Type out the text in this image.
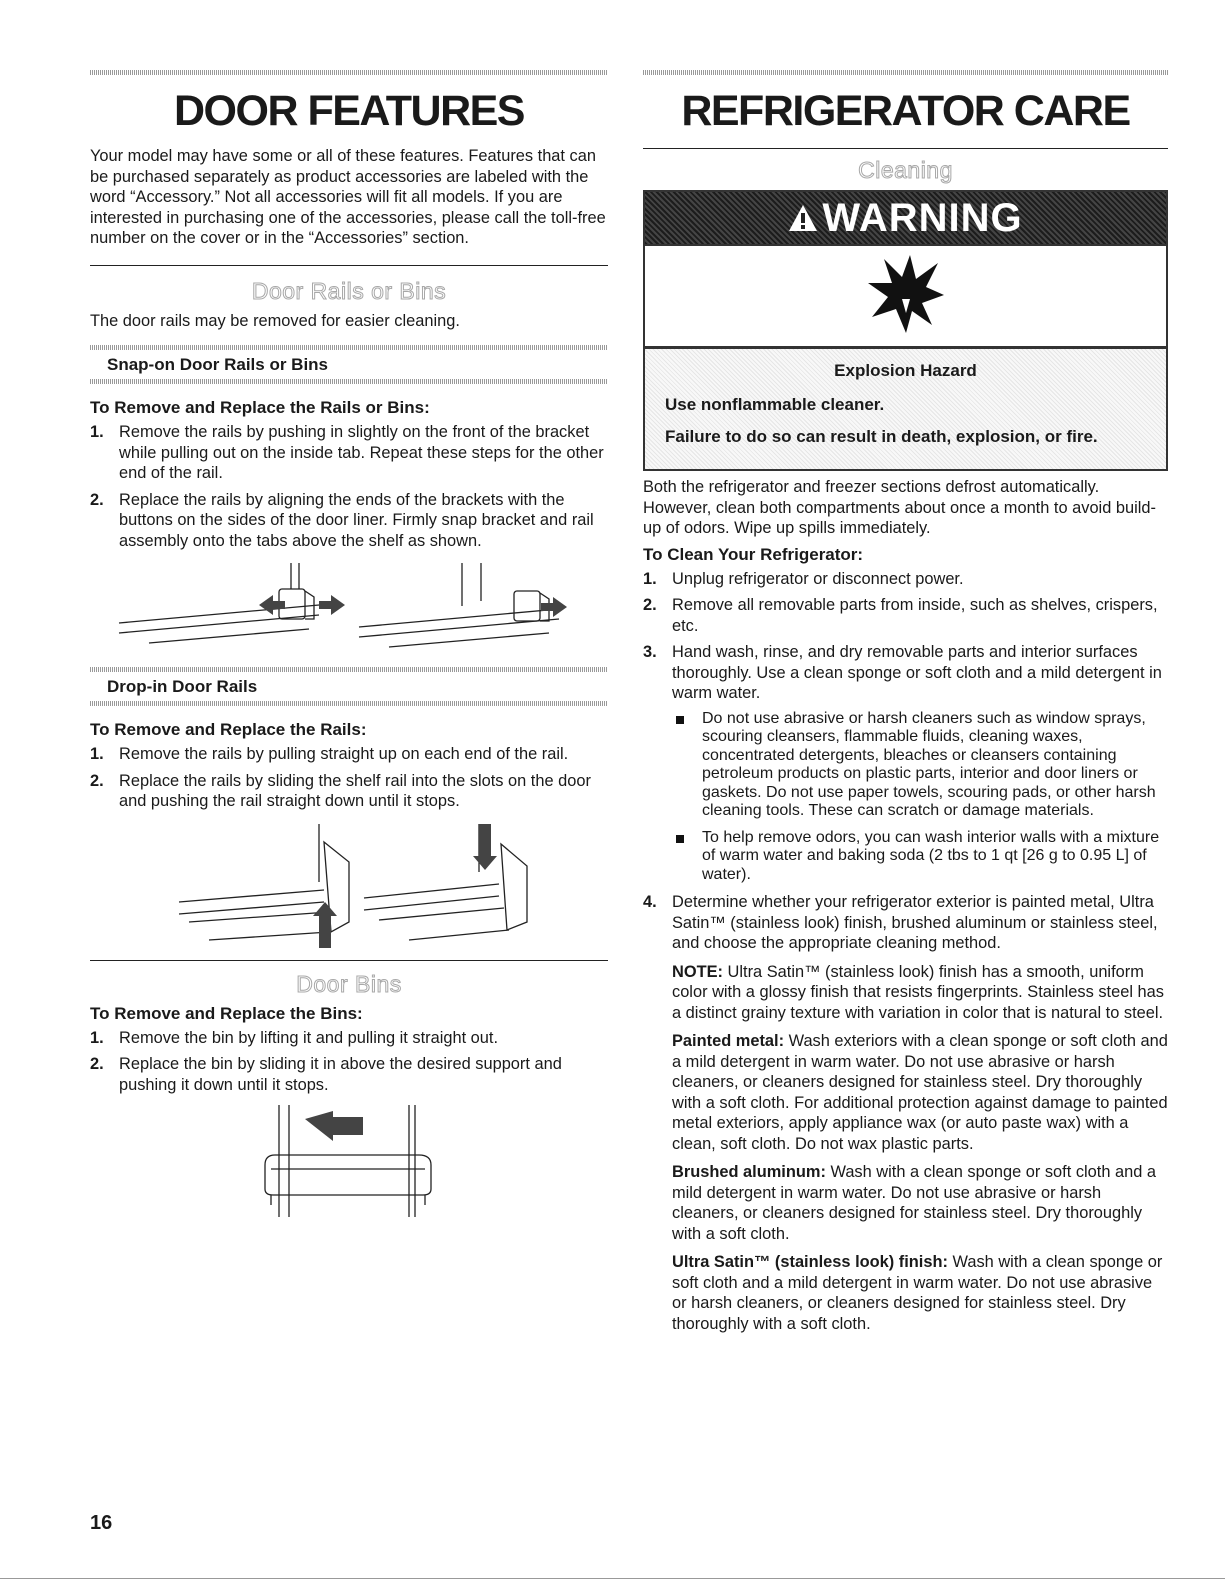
DOOR FEATURES

Your model may have some or all of these features. Features that can be purchased separately as product accessories are labeled with the word “Accessory.” Not all accessories will fit all models. If you are interested in purchasing one of the accessories, please call the toll-free number on the cover or in the “Accessories” section.

Door Rails or Bins

The door rails may be removed for easier cleaning.

Snap-on Door Rails or Bins
To Remove and Replace the Rails or Bins:
1. Remove the rails by pushing in slightly on the front of the bracket while pulling out on the inside tab. Repeat these steps for the other end of the rail.
2. Replace the rails by aligning the ends of the brackets with the buttons on the sides of the door liner. Firmly snap bracket and rail assembly onto the tabs above the shelf as shown.
Drop-in Door Rails
To Remove and Replace the Rails:
1. Remove the rails by pulling straight up on each end of the rail.
2. Replace the rails by sliding the shelf rail into the slots on the door and pushing the rail straight down until it stops.
Door Bins
To Remove and Replace the Bins:
1. Remove the bin by lifting it and pulling it straight out.
2. Replace the bin by sliding it in above the desired support and pushing it down until it stops.
REFRIGERATOR CARE
Cleaning
WARNING
Explosion Hazard
Use nonflammable cleaner.
Failure to do so can result in death, explosion, or fire.

Both the refrigerator and freezer sections defrost automatically. However, clean both compartments about once a month to avoid build-up of odors. Wipe up spills immediately.

To Clean Your Refrigerator:
1. Unplug refrigerator or disconnect power.
2. Remove all removable parts from inside, such as shelves, crispers, etc.
3. Hand wash, rinse, and dry removable parts and interior surfaces thoroughly. Use a clean sponge or soft cloth and a mild detergent in warm water.
Do not use abrasive or harsh cleaners such as window sprays, scouring cleansers, flammable fluids, cleaning waxes, concentrated detergents, bleaches or cleansers containing petroleum products on plastic parts, interior and door liners or gaskets. Do not use paper towels, scouring pads, or other harsh cleaning tools. These can scratch or damage materials.
To help remove odors, you can wash interior walls with a mixture of warm water and baking soda (2 tbs to 1 qt [26 g to 0.95 L] of water).
4. Determine whether your refrigerator exterior is painted metal, Ultra Satin™ (stainless look) finish, brushed aluminum or stainless steel, and choose the appropriate cleaning method.

NOTE: Ultra Satin™ (stainless look) finish has a smooth, uniform color with a glossy finish that resists fingerprints. Stainless steel has a distinct grainy texture with variation in color that is natural to steel.

Painted metal: Wash exteriors with a clean sponge or soft cloth and a mild detergent in warm water. Do not use abrasive or harsh cleaners, or cleaners designed for stainless steel. Dry thoroughly with a soft cloth. For additional protection against damage to painted metal exteriors, apply appliance wax (or auto paste wax) with a clean, soft cloth. Do not wax plastic parts.

Brushed aluminum: Wash with a clean sponge or soft cloth and a mild detergent in warm water. Do not use abrasive or harsh cleaners, or cleaners designed for stainless steel. Dry thoroughly with a soft cloth.

Ultra Satin™ (stainless look) finish: Wash with a clean sponge or soft cloth and a mild detergent in warm water. Do not use abrasive or harsh cleaners, or cleaners designed for stainless steel. Dry thoroughly with a soft cloth.

16
